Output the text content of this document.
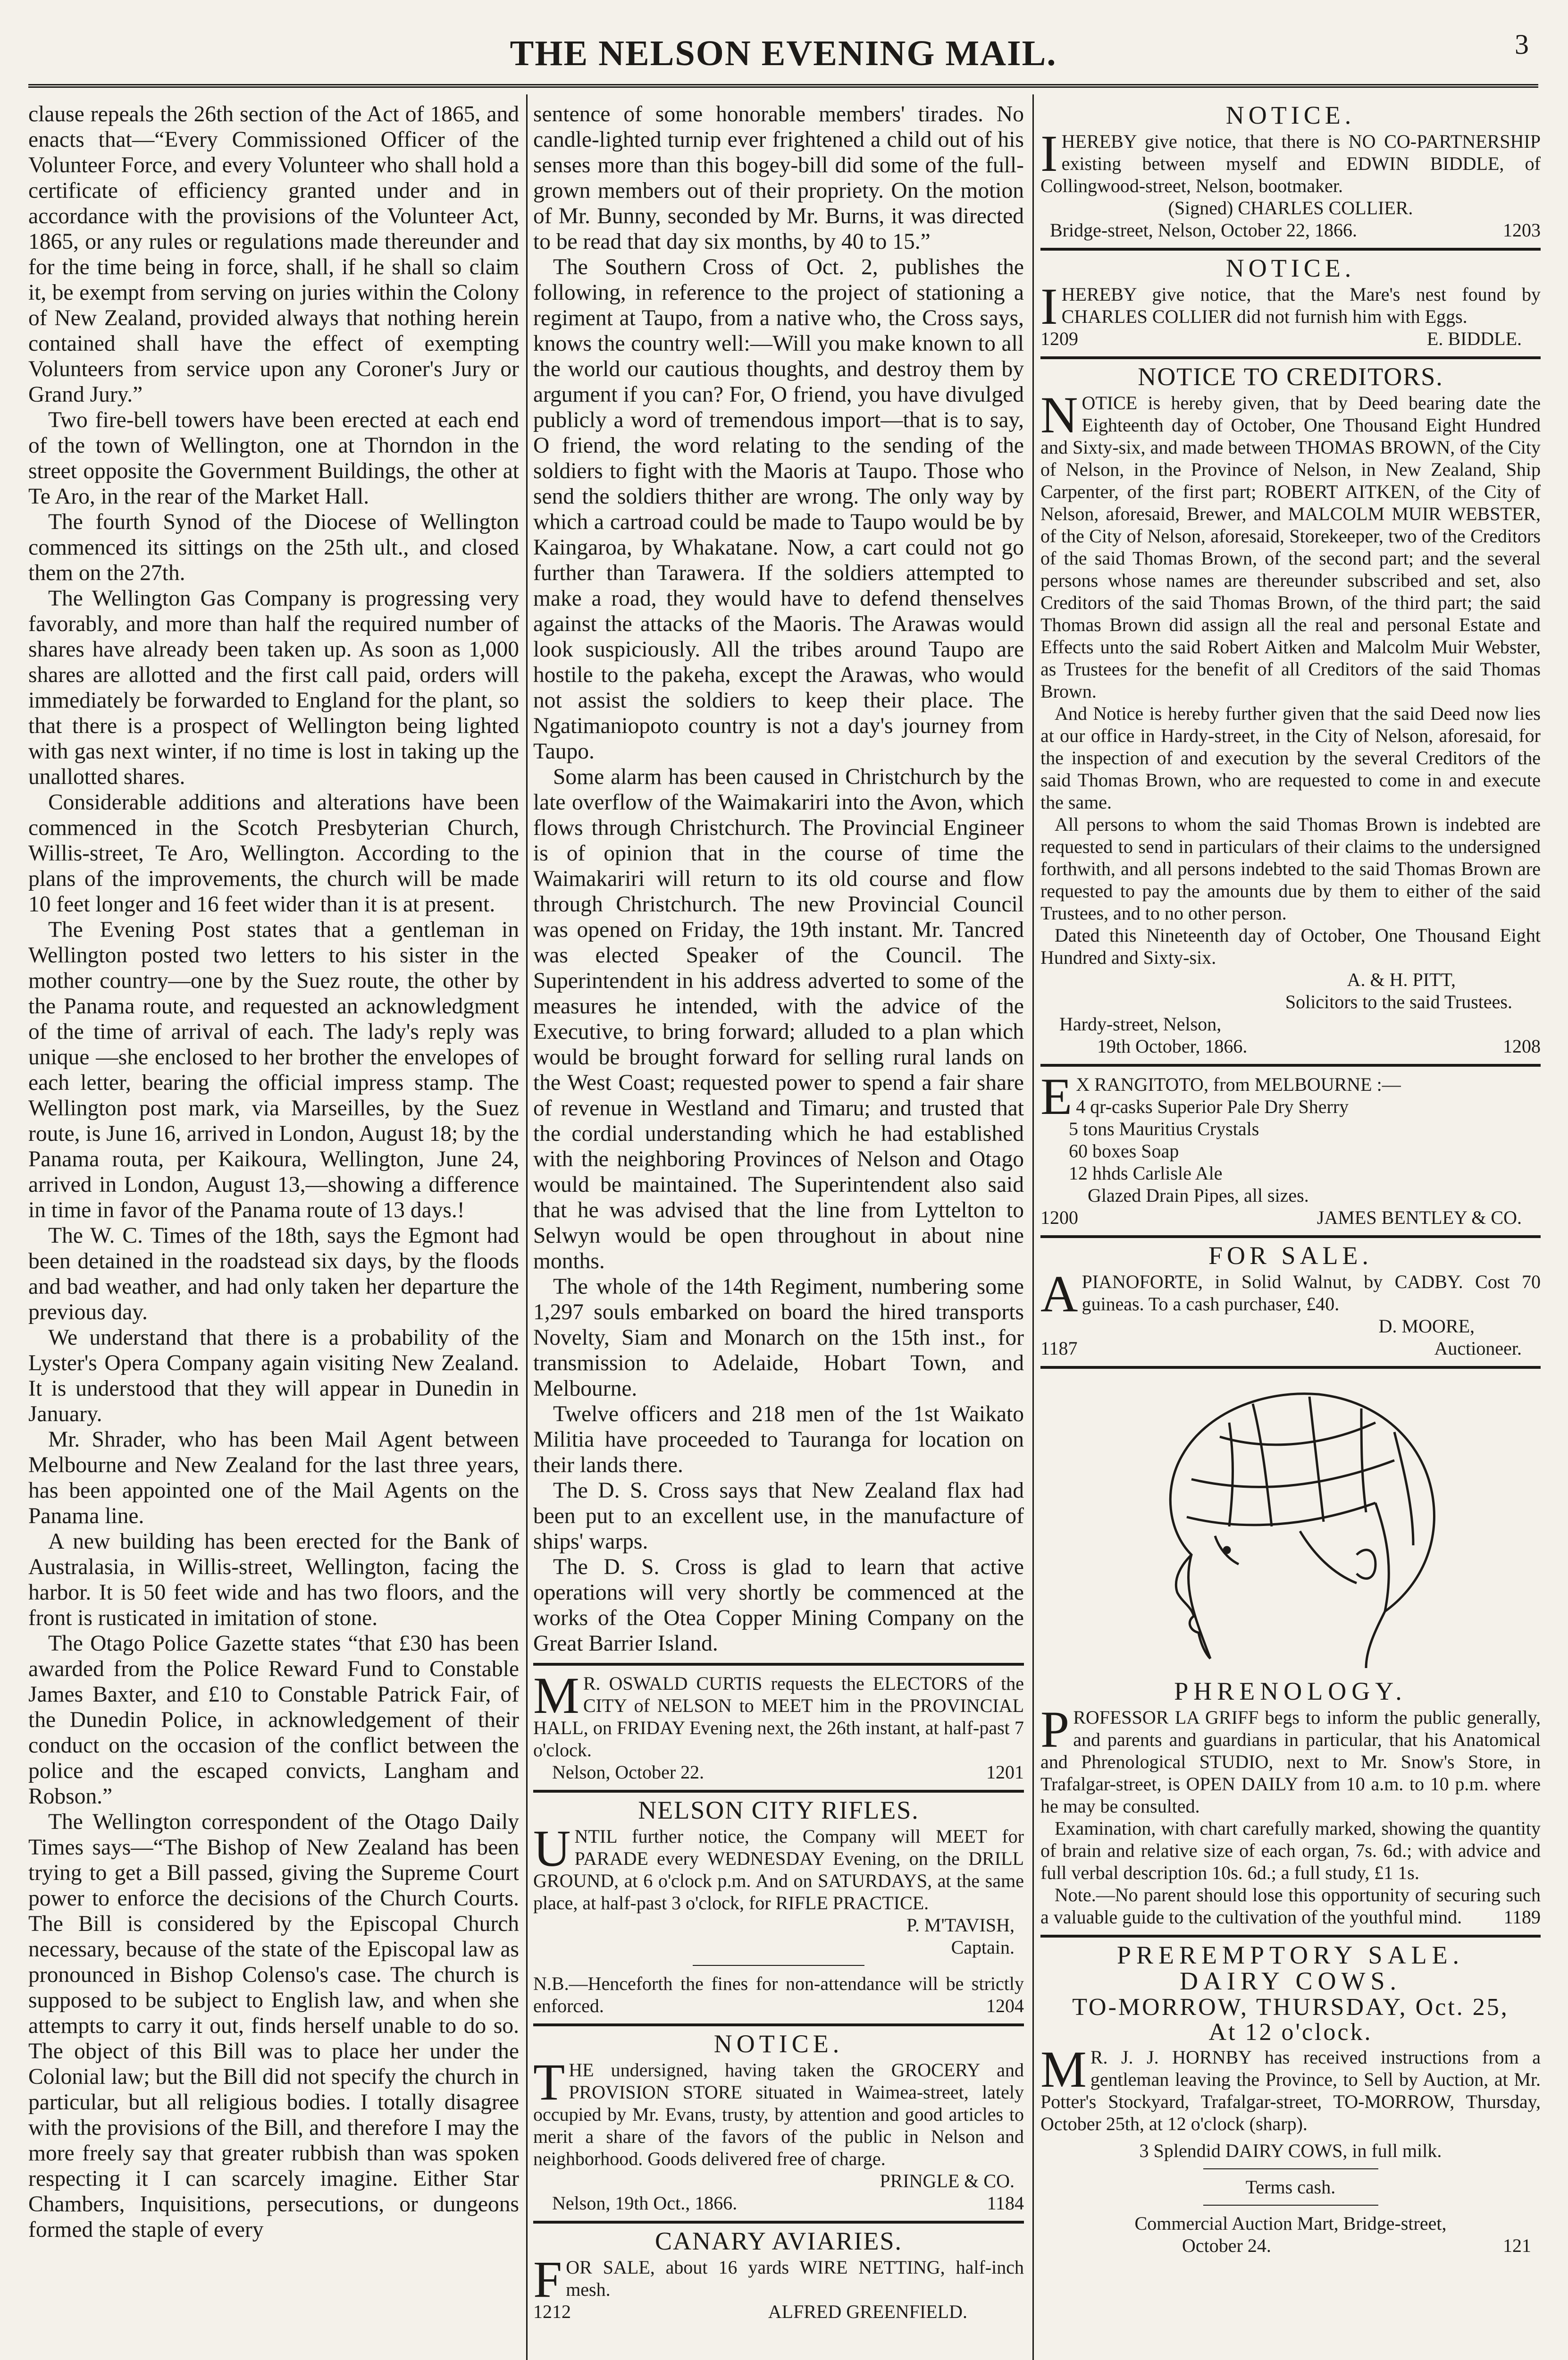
THE NELSON EVENING MAIL.	3

clause repeals the 26th section of the Act of 1865, and enacts that—“Every Commissioned Officer of the Volunteer Force, and every Volunteer who shall hold a certificate of efficiency granted under and in accordance with the provisions of the Volunteer Act, 1865, or any rules or regulations made thereunder and for the time being in force, shall, if he shall so claim it, be exempt from serving on juries within the Colony of New Zealand, provided always that nothing herein contained shall have the effect of exempting Volunteers from service upon any Coroner's Jury or Grand Jury.”

Two fire-bell towers have been erected at each end of the town of Wellington, one at Thorndon in the street opposite the Government Buildings, the other at Te Aro, in the rear of the Market Hall.

The fourth Synod of the Diocese of Wellington commenced its sittings on the 25th ult., and closed them on the 27th.

The Wellington Gas Company is progressing very favorably, and more than half the required number of shares have already been taken up. As soon as 1,000 shares are allotted and the first call paid, orders will immediately be forwarded to England for the plant, so that there is a prospect of Wellington being lighted with gas next winter, if no time is lost in taking up the unallotted shares.

Considerable additions and alterations have been commenced in the Scotch Presbyterian Church, Willis-street, Te Aro, Wellington. According to the plans of the improvements, the church will be made 10 feet longer and 16 feet wider than it is at present.

The Evening Post states that a gentleman in Wellington posted two letters to his sister in the mother country—one by the Suez route, the other by the Panama route, and requested an acknowledgment of the time of arrival of each. The lady's reply was unique —she enclosed to her brother the envelopes of each letter, bearing the official impress stamp. The Wellington post mark, via Marseilles, by the Suez route, is June 16, arrived in London, August 18; by the Panama routa, per Kaikoura, Wellington, June 24, arrived in London, August 13,—showing a difference in time in favor of the Panama route of 13 days.!

The W. C. Times of the 18th, says the Egmont had been detained in the roadstead six days, by the floods and bad weather, and had only taken her departure the previous day.

We understand that there is a probability of the Lyster's Opera Company again visiting New Zealand. It is understood that they will appear in Dunedin in January.

Mr. Shrader, who has been Mail Agent between Melbourne and New Zealand for the last three years, has been appointed one of the Mail Agents on the Panama line.

A new building has been erected for the Bank of Australasia, in Willis-street, Wellington, facing the harbor. It is 50 feet wide and has two floors, and the front is rusticated in imitation of stone.

The Otago Police Gazette states “that £30 has been awarded from the Police Reward Fund to Constable James Baxter, and £10 to Constable Patrick Fair, of the Dunedin Police, in acknowledgement of their conduct on the occasion of the conflict between the police and the escaped convicts, Langham and Robson.”

The Wellington correspondent of the Otago Daily Times says—“The Bishop of New Zealand has been trying to get a Bill passed, giving the Supreme Court power to enforce the decisions of the Church Courts. The Bill is considered by the Episcopal Church necessary, because of the state of the Episcopal law as pronounced in Bishop Colenso's case. The church is supposed to be subject to English law, and when she attempts to carry it out, finds herself unable to do so. The object of this Bill was to place her under the Colonial law; but the Bill did not specify the church in particular, but all religious bodies. I totally disagree with the provisions of the Bill, and therefore I may the more freely say that greater rubbish than was spoken respecting it I can scarcely imagine. Either Star Chambers, Inquisitions, persecutions, or dungeons formed the staple of every

sentence of some honorable members' tirades. No candle-lighted turnip ever frightened a child out of his senses more than this bogey-bill did some of the full-grown members out of their propriety. On the motion of Mr. Bunny, seconded by Mr. Burns, it was directed to be read that day six months, by 40 to 15.”

The Southern Cross of Oct. 2, publishes the following, in reference to the project of stationing a regiment at Taupo, from a native who, the Cross says, knows the country well:—Will you make known to all the world our cautious thoughts, and destroy them by argument if you can? For, O friend, you have divulged publicly a word of tremendous import—that is to say, O friend, the word relating to the sending of the soldiers to fight with the Maoris at Taupo. Those who send the soldiers thither are wrong. The only way by which a cartroad could be made to Taupo would be by Kaingaroa, by Whakatane. Now, a cart could not go further than Tarawera. If the soldiers attempted to make a road, they would have to defend thenselves against the attacks of the Maoris. The Arawas would look suspiciously. All the tribes around Taupo are hostile to the pakeha, except the Arawas, who would not assist the soldiers to keep their place. The Ngatimaniopoto country is not a day's journey from Taupo.

Some alarm has been caused in Christchurch by the late overflow of the Waimakariri into the Avon, which flows through Christchurch. The Provincial Engineer is of opinion that in the course of time the Waimakariri will return to its old course and flow through Christchurch. The new Provincial Council was opened on Friday, the 19th instant. Mr. Tancred was elected Speaker of the Council. The Superintendent in his address adverted to some of the measures he intended, with the advice of the Executive, to bring forward; alluded to a plan which would be brought forward for selling rural lands on the West Coast; requested power to spend a fair share of revenue in Westland and Timaru; and trusted that the cordial understanding which he had established with the neighboring Provinces of Nelson and Otago would be maintained. The Superintendent also said that he was advised that the line from Lyttelton to Selwyn would be open throughout in about nine months.

The whole of the 14th Regiment, numbering some 1,297 souls embarked on board the hired transports Novelty, Siam and Monarch on the 15th inst., for transmission to Adelaide, Hobart Town, and Melbourne.

Twelve officers and 218 men of the 1st Waikato Militia have proceeded to Tauranga for location on their lands there.

The D. S. Cross says that New Zealand flax had been put to an excellent use, in the manufacture of ships' warps.

The D. S. Cross is glad to learn that active operations will very shortly be commenced at the works of the Otea Copper Mining Company on the Great Barrier Island.

M R. OSWALD CURTIS requests the ELECTORS of the CITY of NELSON to MEET him in the PROVINCIAL HALL, on FRIDAY Evening next, the 26th instant, at half-past 7 o'clock.
Nelson, October 22.	1201
NELSON CITY RIFLES.
U NTIL further notice, the Company will MEET for PARADE every WEDNESDAY Evening, on the DRILL GROUND, at 6 o'clock p.m. And on SATURDAYS, at the same place, at half-past 3 o'clock, for RIFLE PRACTICE.
P. M'TAVISH,
Captain.
N.B.—Henceforth the fines for non-attendance will be strictly enforced.	1204
NOTICE.
T HE undersigned, having taken the GROCERY and PROVISION STORE situated in Waimea-street, lately occupied by Mr. Evans, trusty, by attention and good articles to merit a share of the favors of the public in Nelson and neighborhood. Goods delivered free of charge.
PRINGLE & CO.
Nelson, 19th Oct., 1866.	1184
CANARY AVIARIES.
F OR SALE, about 16 yards WIRE NETTING, half-inch mesh.
1212	ALFRED GREENFIELD.
NOTICE.
I HEREBY give notice, that there is NO CO-PARTNERSHIP existing between myself and EDWIN BIDDLE, of Collingwood-street, Nelson, bootmaker.
(Signed) CHARLES COLLIER.
Bridge-street, Nelson, October 22, 1866.	1203
NOTICE.
I HEREBY give notice, that the Mare's nest found by CHARLES COLLIER did not furnish him with Eggs.
1209	E. BIDDLE.
NOTICE TO CREDITORS.
N OTICE is hereby given, that by Deed bearing date the Eighteenth day of October, One Thousand Eight Hundred and Sixty-six, and made between THOMAS BROWN, of the City of Nelson, in the Province of Nelson, in New Zealand, Ship Carpenter, of the first part; ROBERT AITKEN, of the City of Nelson, aforesaid, Brewer, and MALCOLM MUIR WEBSTER, of the City of Nelson, aforesaid, Storekeeper, two of the Creditors of the said Thomas Brown, of the second part; and the several persons whose names are thereunder subscribed and set, also Creditors of the said Thomas Brown, of the third part; the said Thomas Brown did assign all the real and personal Estate and Effects unto the said Robert Aitken and Malcolm Muir Webster, as Trustees for the benefit of all Creditors of the said Thomas Brown.
And Notice is hereby further given that the said Deed now lies at our office in Hardy-street, in the City of Nelson, aforesaid, for the inspection of and execution by the several Creditors of the said Thomas Brown, who are requested to come in and execute the same.
All persons to whom the said Thomas Brown is indebted are requested to send in particulars of their claims to the undersigned forthwith, and all persons indebted to the said Thomas Brown are requested to pay the amounts due by them to either of the said Trustees, and to no other person.
Dated this Nineteenth day of October, One Thousand Eight Hundred and Sixty-six.
A. & H. PITT,
Solicitors to the said Trustees.
Hardy-street, Nelson,
19th October, 1866.	1208
E X RANGITOTO, from MELBOURNE :—
4 qr-casks Superior Pale Dry Sherry
5 tons Mauritius Crystals
60 boxes Soap
12 hhds Carlisle Ale
Glazed Drain Pipes, all sizes.
1200	JAMES BENTLEY & CO.
FOR SALE.
A PIANOFORTE, in Solid Walnut, by CADBY. Cost 70 guineas. To a cash purchaser, £40.
D. MOORE,
1187	Auctioneer.
PHRENOLOGY.
P ROFESSOR LA GRIFF begs to inform the public generally, and parents and guardians in particular, that his Anatomical and Phrenological STUDIO, next to Mr. Snow's Store, in Trafalgar-street, is OPEN DAILY from 10 a.m. to 10 p.m. where he may be consulted.
Examination, with chart carefully marked, showing the quantity of brain and relative size of each organ, 7s. 6d.; with advice and full verbal description 10s. 6d.; a full study, £1 1s.
Note.—No parent should lose this opportunity of securing such a valuable guide to the cultivation of the youthful mind.	1189
PREREMPTORY SALE.
DAIRY COWS.
TO-MORROW, THURSDAY, Oct. 25,
At 12 o'clock.
M R. J. J. HORNBY has received instructions from a gentleman leaving the Province, to Sell by Auction, at Mr. Potter's Stockyard, Trafalgar-street, TO-MORROW, Thursday, October 25th, at 12 o'clock (sharp).
3 Splendid DAIRY COWS, in full milk.
Terms cash.
Commercial Auction Mart, Bridge-street,
October 24.	121
